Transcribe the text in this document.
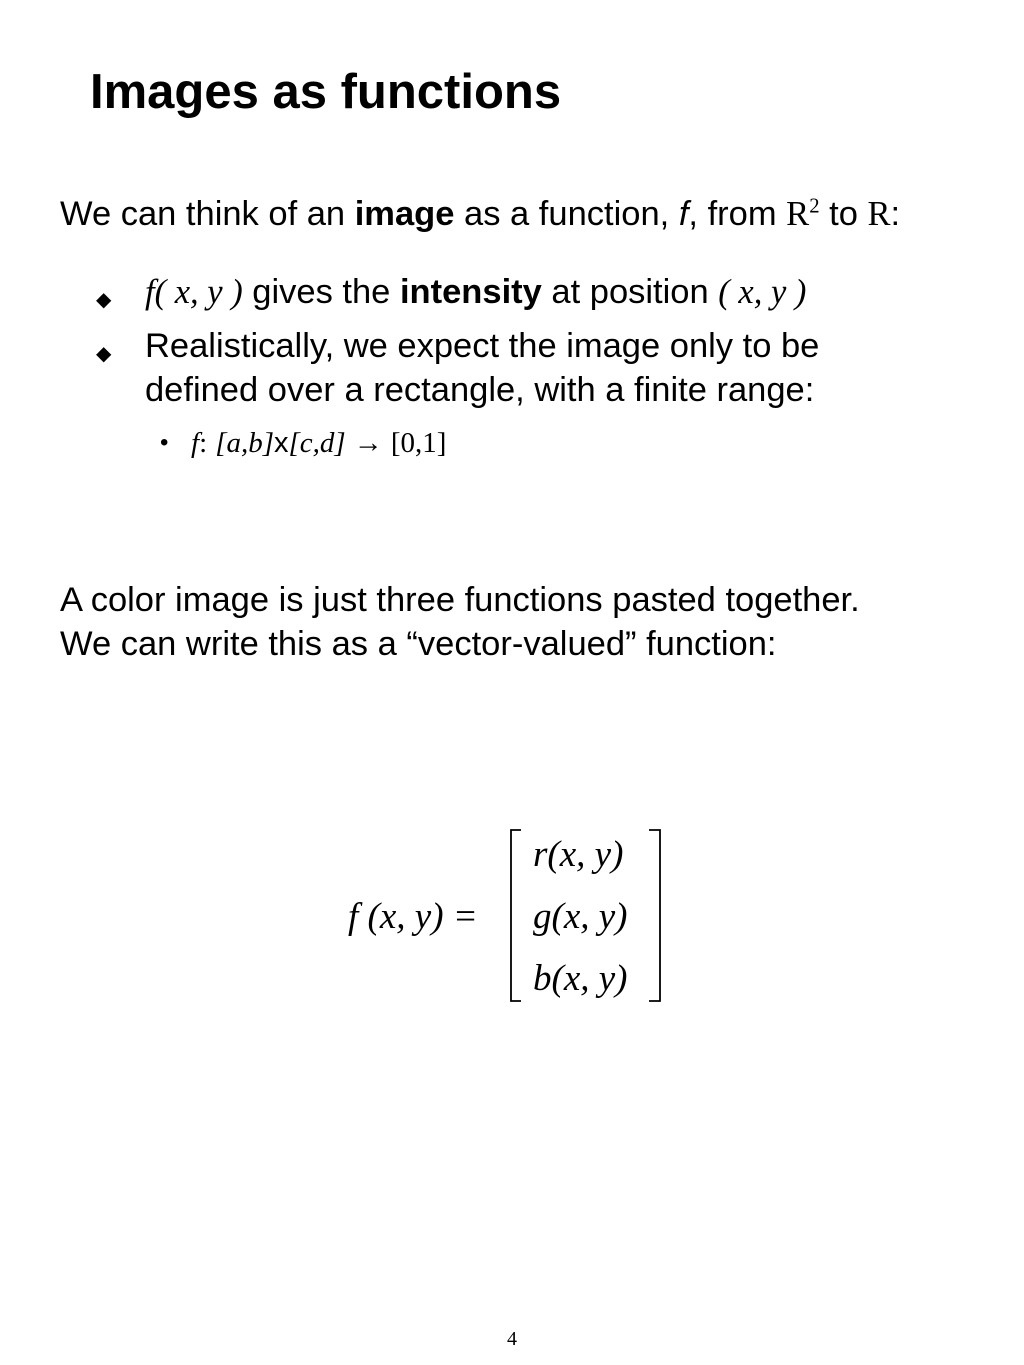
Images as functions
We can think of an image as a function, f, from $R^2$ to R:
◆ f( x, y ) gives the intensity at position ( x, y )
◆ Realistically, we expect the image only to be defined over a rectangle, with a finite range:
• f: [a,b]x[c,d] → [0,1]
A color image is just three functions pasted together.
We can write this as a “vector-valued” function:
f (x, y) =
r(x, y)
g(x, y)
b(x, y)
4
